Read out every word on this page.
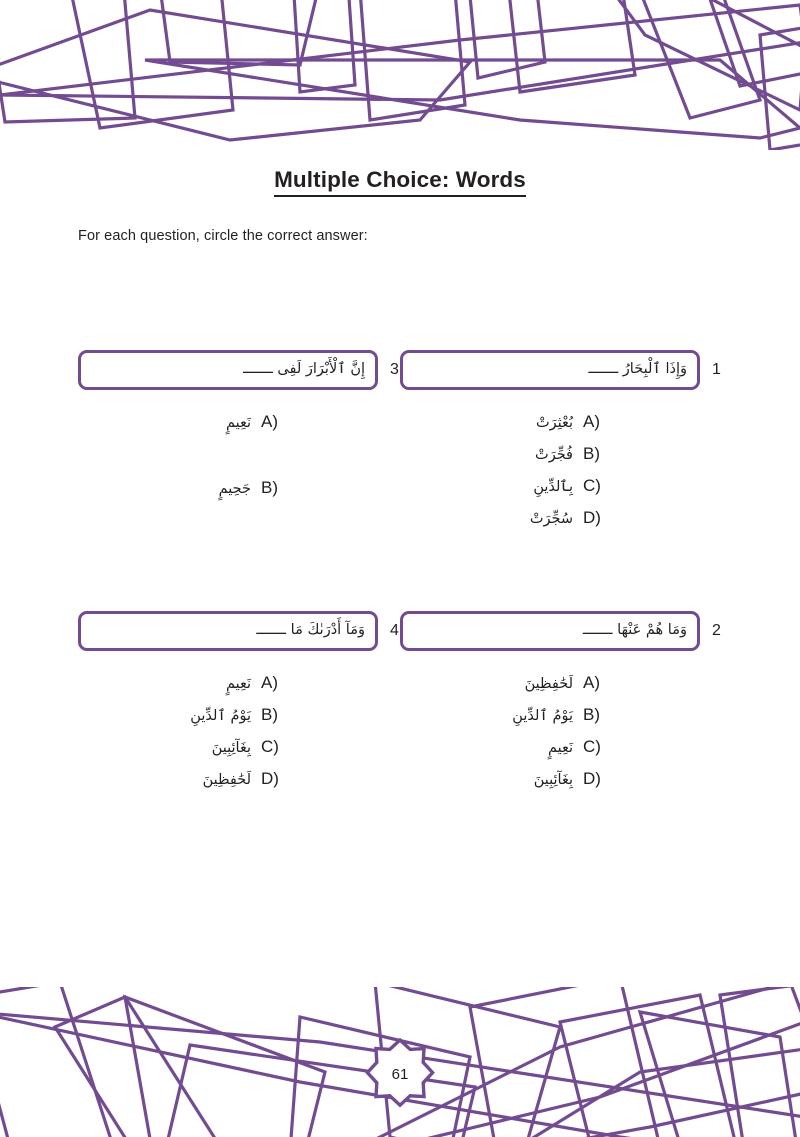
Multiple Choice: Words
For each question, circle the correct answer:
1
وَإِذَا ٱلْبِحَارُ ـــــــ
A )
بُعْثِرَتْ
B )
فُجِّرَتْ
C )
بِٱلدِّينِ
D )
سُجِّرَتْ
3
إِنَّ ٱلْأَبْرَارَ لَفِى ـــــــ
A )
نَعِيمٍ
B )
جَحِيمٍ
2
وَمَا هُمْ عَنْهَا ـــــــ
A )
لَحَٰفِظِينَ
B )
يَوْمُ ٱلدِّينِ
C )
نَعِيمٍ
D )
بِغَآئِبِينَ
4
وَمَآ أَدْرَىٰكَ مَا ـــــــ
A )
نَعِيمٍ
B )
يَوْمُ ٱلدِّينِ
C )
بِغَآئِبِينَ
D )
لَحَٰفِظِينَ
61
